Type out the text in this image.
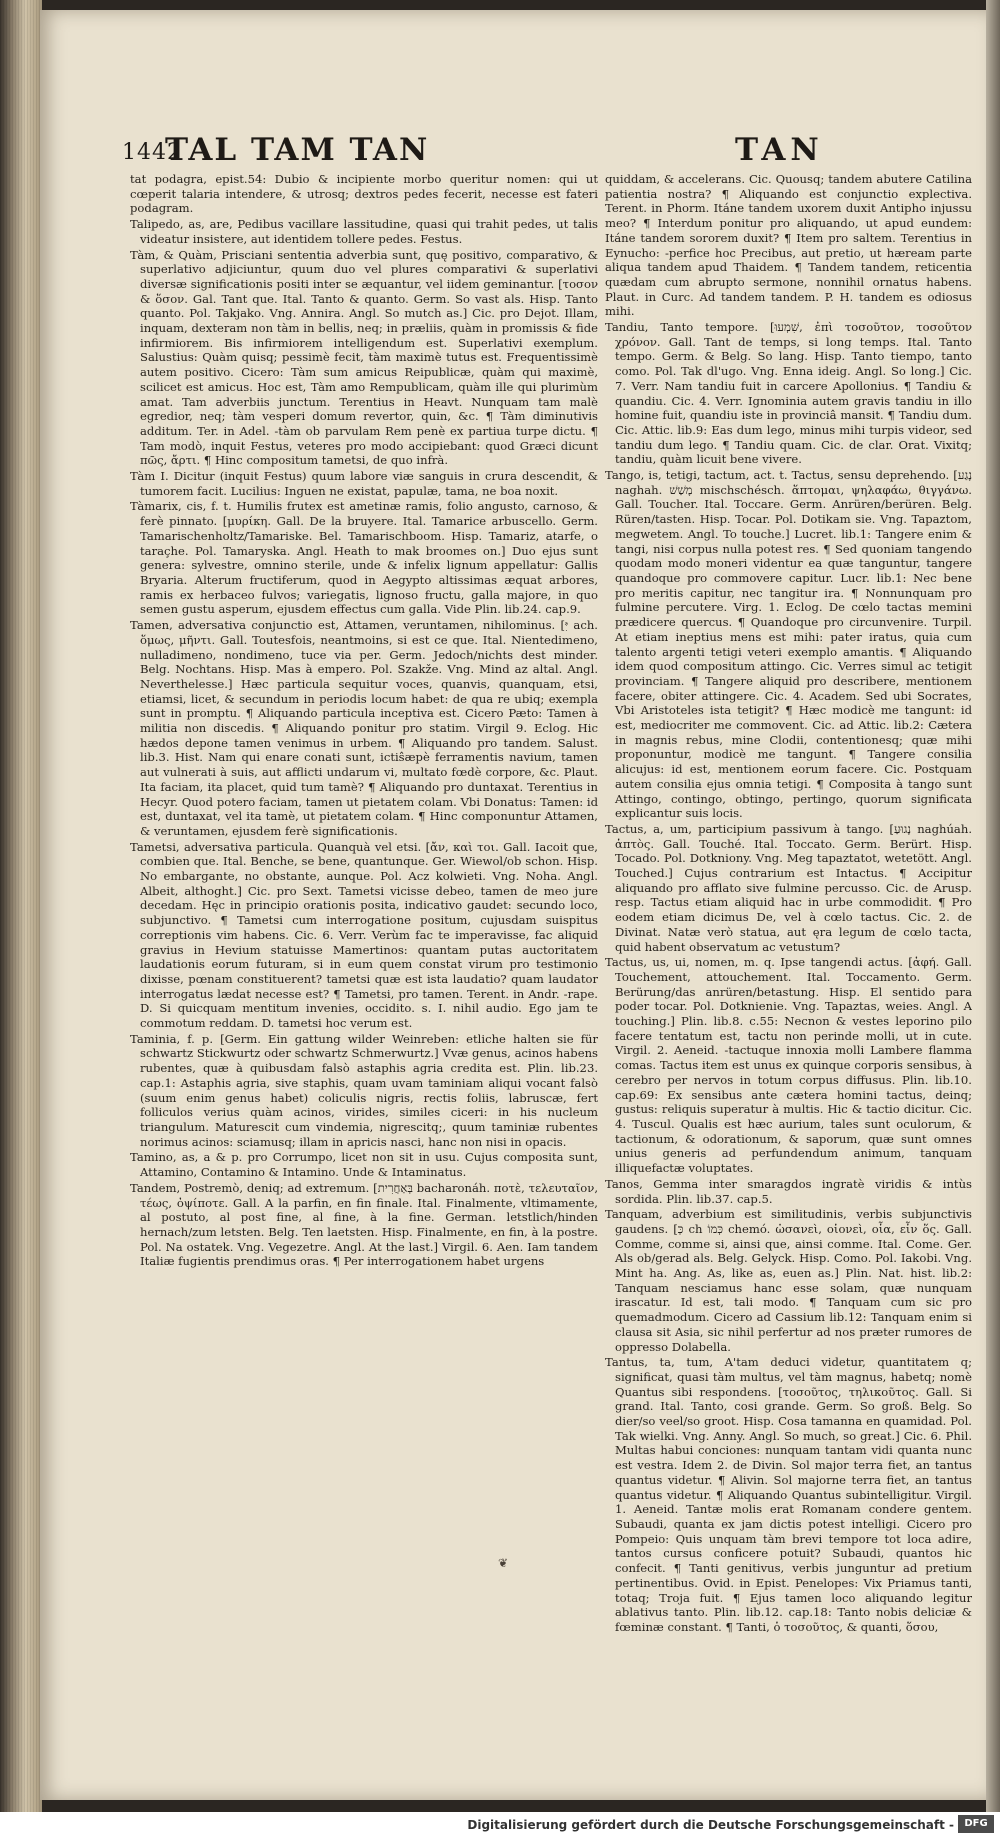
1442
TAL TAM TAN	TAN

tat podagra, epist.54: Dubio & incipiente morbo queritur nomen: qui ut cœperit talaria intendere, & utrosq; dextros pedes fecerit, necesse est fateri podagram.

Talipedo, as, are, Pedibus vacillare lassitudine, quasi qui trahit pedes, ut talis videatur insistere, aut identidem tollere pedes. Festus.

Tàm, & Quàm, Prisciani sententia adverbia sunt, quę positivo, comparativo, & superlativo adjiciuntur, quum duo vel plures comparativi & superlativi diversæ significationis positi inter se æquantur, vel iidem geminantur. [τοσον & ὅσον. Gal. Tant que. Ital. Tanto & quanto. Germ. So vast als. Hisp. Tanto quanto. Pol. Takjako. Vng. Annira. Angl. So mutch as.] Cic. pro Dejot. Illam, inquam, dexteram non tàm in bellis, neq; in præliis, quàm in promissis & fide infirmiorem. Bis infirmiorem intelligendum est. Superlativi exemplum. Salustius: Quàm quisq; pessimè fecit, tàm maximè tutus est. Frequentissimè autem positivo. Cicero: Tàm sum amicus Reipublicæ, quàm qui maximè, scilicet est amicus. Hoc est, Tàm amo Rempublicam, quàm ille qui plurimùm amat. Tam adverbiis junctum. Terentius in Heavt. Nunquam tam malè egredior, neq; tàm vesperi domum revertor, quin, &c. ¶ Tàm diminutivis additum. Ter. in Adel. -tàm ob parvulam Rem penè ex partiua turpe dictu. ¶ Tam modò, inquit Festus, veteres pro modo accipiebant: quod Græci dicunt πῶς, ἄρτι. ¶ Hinc compositum tametsi, de quo infrà.

Tàm I. Dicitur (inquit Festus) quum labore viæ sanguis in crura descendit, & tumorem facit. Lucilius: Inguen ne existat, papulæ, tama, ne boa noxit.

Tàmarix, cis, f. t. Humilis frutex est ametinæ ramis, folio angusto, carnoso, & ferè pinnato. [μυρίκη. Gall. De la bruyere. Ital. Tamarice arbuscello. Germ. Tamarischenholtz/Tamariske. Bel. Tamarischboom. Hisp. Tamariz, atarfe, o taraçhe. Pol. Tamaryska. Angl. Heath to mak broomes on.] Duo ejus sunt genera: sylvestre, omnino sterile, unde & infelix lignum appellatur: Gallis Bryaria. Alterum fructiferum, quod in Aegypto altissimas æquat arbores, ramis ex herbaceo fulvos; variegatis, lignoso fructu, galla majore, in quo semen gustu asperum, ejusdem effectus cum galla. Vide Plin. lib.24. cap.9.

Tamen, adversativa conjunctio est, Attamen, veruntamen, nihilominus. [יִּ ach. ὅμως, μῆντι. Gall. Toutesfois, neantmoins, si est ce que. Ital. Nientedimeno, nulladimeno, nondimeno, tuce via per. Germ. Jedoch/nichts dest minder. Belg. Nochtans. Hisp. Mas à empero. Pol. Szakže. Vng. Mind az altal. Angl. Neverthelesse.] Hæc particula sequitur voces, quanvis, quanquam, etsi, etiamsi, licet, & secundum in periodis locum habet: de qua re ubiq; exempla sunt in promptu. ¶ Aliquando particula inceptiva est. Cicero Pæto: Tamen à militia non discedis. ¶ Aliquando ponitur pro statim. Virgil 9. Eclog. Hic hædos depone tamen venimus in urbem. ¶ Aliquando pro tandem. Salust. lib.3. Hist. Nam qui enare conati sunt, ictiŝæpè ferramentis navium, tamen aut vulnerati à suis, aut afflicti undarum vi, multato fœdè corpore, &c. Plaut. Ita faciam, ita placet, quid tum tamè? ¶ Aliquando pro duntaxat. Terentius in Hecyr. Quod potero faciam, tamen ut pietatem colam. Vbi Donatus: Tamen: id est, duntaxat, vel ita tamè, ut pietatem colam. ¶ Hinc componuntur Attamen, & veruntamen, ejusdem ferè significationis.

Tametsi, adversativa particula. Quanquà vel etsi. [ἄν, καὶ τοι. Gall. Iacoit que, combien que. Ital. Benche, se bene, quantunque. Ger. Wiewol/ob schon. Hisp. No embargante, no obstante, aunque. Pol. Acz kolwieti. Vng. Noha. Angl. Albeit, althoght.] Cic. pro Sext. Tametsi vicisse debeo, tamen de meo jure decedam. Hęc in principio orationis posita, indicativo gaudet: secundo loco, subjunctivo. ¶ Tametsi cum interrogatione positum, cujusdam suispitus correptionis vim habens. Cic. 6. Verr. Verùm fac te imperavisse, fac aliquid gravius in Hevium statuisse Mamertinos: quantam putas auctoritatem laudationis eorum futuram, si in eum quem constat virum pro testimonio dixisse, pœnam constituerent? tametsi quæ est ista laudatio? quam laudator interrogatus lædat necesse est? ¶ Tametsi, pro tamen. Terent. in Andr. -rape. D. Si quicquam mentitum invenies, occidito. s. I. nihil audio. Ego jam te commotum reddam. D. tametsi hoc verum est.

Taminia, f. p. [Germ. Ein gattung wilder Weinreben: etliche halten sie für schwartz Stickwurtz oder schwartz Schmerwurtz.] Vvæ genus, acinos habens rubentes, quæ à quibusdam falsò astaphis agria credita est. Plin. lib.23. cap.1: Astaphis agria, sive staphis, quam uvam taminiam aliqui vocant falsò (suum enim genus habet) coliculis nigris, rectis foliis, labruscæ, fert folliculos verius quàm acinos, virides, similes ciceri: in his nucleum triangulum. Maturescit cum vindemia, nigrescitq;, quum taminiæ rubentes norimus acinos: sciamusq; illam in apricis nasci, hanc non nisi in opacis.

Tamino, as, a & p. pro Corrumpo, licet non sit in usu. Cujus composita sunt, Attamino, Contamino & Intamino. Unde & Intaminatus.

Tandem, Postremò, deniq; ad extremum. [בְּאַחֲרִית bacharonáh. ποτὲ, τελευταῖον, τέως, ὀψίποτε. Gall. A la parfin, en fin finale. Ital. Finalmente, vltimamente, al postuto, al post fine, al fine, à la fine. German. letstlich/hinden hernach/zum letsten. Belg. Ten laetsten. Hisp. Finalmente, en fin, à la postre. Pol. Na ostatek. Vng. Vegezetre. Angl. At the last.] Virgil. 6. Aen. Iam tandem Italiæ fugientis prendimus oras. ¶ Per interrogationem habet urgens

quiddam, & accelerans. Cic. Quousq; tandem abutere Catilina patientia nostra? ¶ Aliquando est conjunctio explectiva. Terent. in Phorm. Itáne tandem uxorem duxit Antipho injussu meo? ¶ Interdum ponitur pro aliquando, ut apud eundem: Itáne tandem sororem duxit? ¶ Item pro saltem. Terentius in Eynucho: -perfice hoc Precibus, aut pretio, ut hæream parte aliqua tandem apud Thaidem. ¶ Tandem tandem, reticentia quædam cum abrupto sermone, nonnihil ornatus habens. Plaut. in Curc. Ad tandem tandem. P. H. tandem es odiosus mihi.

Tandiu, Tanto tempore. [שִׁמְעוּ, ἐπὶ τοσοῦτον, τοσοῦτον χρόνον. Gall. Tant de temps, si long temps. Ital. Tanto tempo. Germ. & Belg. So lang. Hisp. Tanto tiempo, tanto como. Pol. Tak dl'ugo. Vng. Enna ideig. Angl. So long.] Cic. 7. Verr. Nam tandiu fuit in carcere Apollonius. ¶ Tandiu & quandiu. Cic. 4. Verr. Ignominia autem gravis tandiu in illo homine fuit, quandiu iste in provinciâ mansit. ¶ Tandiu dum. Cic. Attic. lib.9: Eas dum lego, minus mihi turpis videor, sed tandiu dum lego. ¶ Tandiu quam. Cic. de clar. Orat. Vixitq; tandiu, quàm licuit bene vivere.

Tango, is, tetigi, tactum, act. t. Tactus, sensu deprehendo. [נָגַע naghah. מָשַׁשׁ mischschésch. ἅπτομαι, ψηλαφάω, θιγγάνω. Gall. Toucher. Ital. Toccare. Germ. Anrüren/berüren. Belg. Rüren/tasten. Hisp. Tocar. Pol. Dotikam sie. Vng. Tapaztom, megwetem. Angl. To touche.] Lucret. lib.1: Tangere enim & tangi, nisi corpus nulla potest res. ¶ Sed quoniam tangendo quodam modo moneri videntur ea quæ tanguntur, tangere quandoque pro commovere capitur. Lucr. lib.1: Nec bene pro meritis capitur, nec tangitur ira. ¶ Nonnunquam pro fulmine percutere. Virg. 1. Eclog. De cœlo tactas memini prædicere quercus. ¶ Quandoque pro circunvenire. Turpil. At etiam ineptius mens est mihi: pater iratus, quia cum talento argenti tetigi veteri exemplo amantis. ¶ Aliquando idem quod compositum attingo. Cic. Verres simul ac tetigit provinciam. ¶ Tangere aliquid pro describere, mentionem facere, obiter attingere. Cic. 4. Academ. Sed ubi Socrates, Vbi Aristoteles ista tetigit? ¶ Hæc modicè me tangunt: id est, mediocriter me commovent. Cic. ad Attic. lib.2: Cætera in magnis rebus, mine Clodii, contentionesq; quæ mihi proponuntur, modicè me tangunt. ¶ Tangere consilia alicujus: id est, mentionem eorum facere. Cic. Postquam autem consilia ejus omnia tetigi. ¶ Composita à tango sunt Attingo, contingo, obtingo, pertingo, quorum significata explicantur suis locis.

Tactus, a, um, participium passivum à tango. [נָגוּעַ naghúah. ἁπτὸς. Gall. Touché. Ital. Toccato. Germ. Berürt. Hisp. Tocado. Pol. Dotkniony. Vng. Meg tapaztatot, wetetött. Angl. Touched.] Cujus contrarium est Intactus. ¶ Accipitur aliquando pro afflato sive fulmine percusso. Cic. de Arusp. resp. Tactus etiam aliquid hac in urbe commodidit. ¶ Pro eodem etiam dicimus De, vel à cœlo tactus. Cic. 2. de Divinat. Natæ verò statua, aut ęra legum de cœlo tacta, quid habent observatum ac vetustum?

Tactus, us, ui, nomen, m. q. Ipse tangendi actus. [ἁφή. Gall. Touchement, attouchement. Ital. Toccamento. Germ. Berürung/das anrüren/betastung. Hisp. El sentido para poder tocar. Pol. Dotknienie. Vng. Tapaztas, weies. Angl. A touching.] Plin. lib.8. c.55: Necnon & vestes leporino pilo facere tentatum est, tactu non perinde molli, ut in cute. Virgil. 2. Aeneid. -tactuque innoxia molli Lambere flamma comas. Tactus item est unus ex quinque corporis sensibus, à cerebro per nervos in totum corpus diffusus. Plin. lib.10. cap.69: Ex sensibus ante cætera homini tactus, deinq; gustus: reliquis superatur à multis. Hic & tactio dicitur. Cic. 4. Tuscul. Qualis est hæc aurium, tales sunt oculorum, & tactionum, & odorationum, & saporum, quæ sunt omnes unius generis ad perfundendum animum, tanquam illiquefactæ voluptates.

Tanos, Gemma inter smaragdos ingratè viridis & intùs sordida. Plin. lib.37. cap.5.

Tanquam, adverbium est similitudinis, verbis subjunctivis gaudens. [כְּ ch כְּמוֹ chemó. ὡσανεὶ, οἱονεὶ, οἷα, εἶν ὅς. Gall. Comme, comme si, ainsi que, ainsi comme. Ital. Come. Ger. Als ob/gerad als. Belg. Gelyck. Hisp. Como. Pol. Iakobi. Vng. Mint ha. Ang. As, like as, euen as.] Plin. Nat. hist. lib.2: Tanquam nesciamus hanc esse solam, quæ nunquam irascatur. Id est, tali modo. ¶ Tanquam cum sic pro quemadmodum. Cicero ad Cassium lib.12: Tanquam enim si clausa sit Asia, sic nihil perfertur ad nos præter rumores de oppresso Dolabella.

Tantus, ta, tum, A'tam deduci videtur, quantitatem q; significat, quasi tàm multus, vel tàm magnus, habetq; nomè Quantus sibi respondens. [τοσοῦτος, τηλικοῦτος. Gall. Si grand. Ital. Tanto, cosi grande. Germ. So groß. Belg. So dier/so veel/so groot. Hisp. Cosa tamanna en quamidad. Pol. Tak wielki. Vng. Anny. Angl. So much, so great.] Cic. 6. Phil. Multas habui conciones: nunquam tantam vidi quanta nunc est vestra. Idem 2. de Divin. Sol major terra fiet, an tantus quantus videtur. ¶ Alivin. Sol majorne terra fiet, an tantus quantus videtur. ¶ Aliquando Quantus subintelligitur. Virgil. 1. Aeneid. Tantæ molis erat Romanam condere gentem. Subaudi, quanta ex jam dictis potest intelligi. Cicero pro Pompeio: Quis unquam tàm brevi tempore tot loca adire, tantos cursus conficere potuit? Subaudi, quantos hic confecit. ¶ Tanti genitivus, verbis junguntur ad pretium pertinentibus. Ovid. in Epist. Penelopes: Vix Priamus tanti, totaq; Troja fuit. ¶ Ejus tamen loco aliquando legitur ablativus tanto. Plin. lib.12. cap.18: Tanto nobis deliciæ & fœminæ constant. ¶ Tanti, ὁ τοσοῦτος, & quanti, ὅσου,

❦
Digitalisierung gefördert durch die Deutsche Forschungsgemeinschaft -	DFG
